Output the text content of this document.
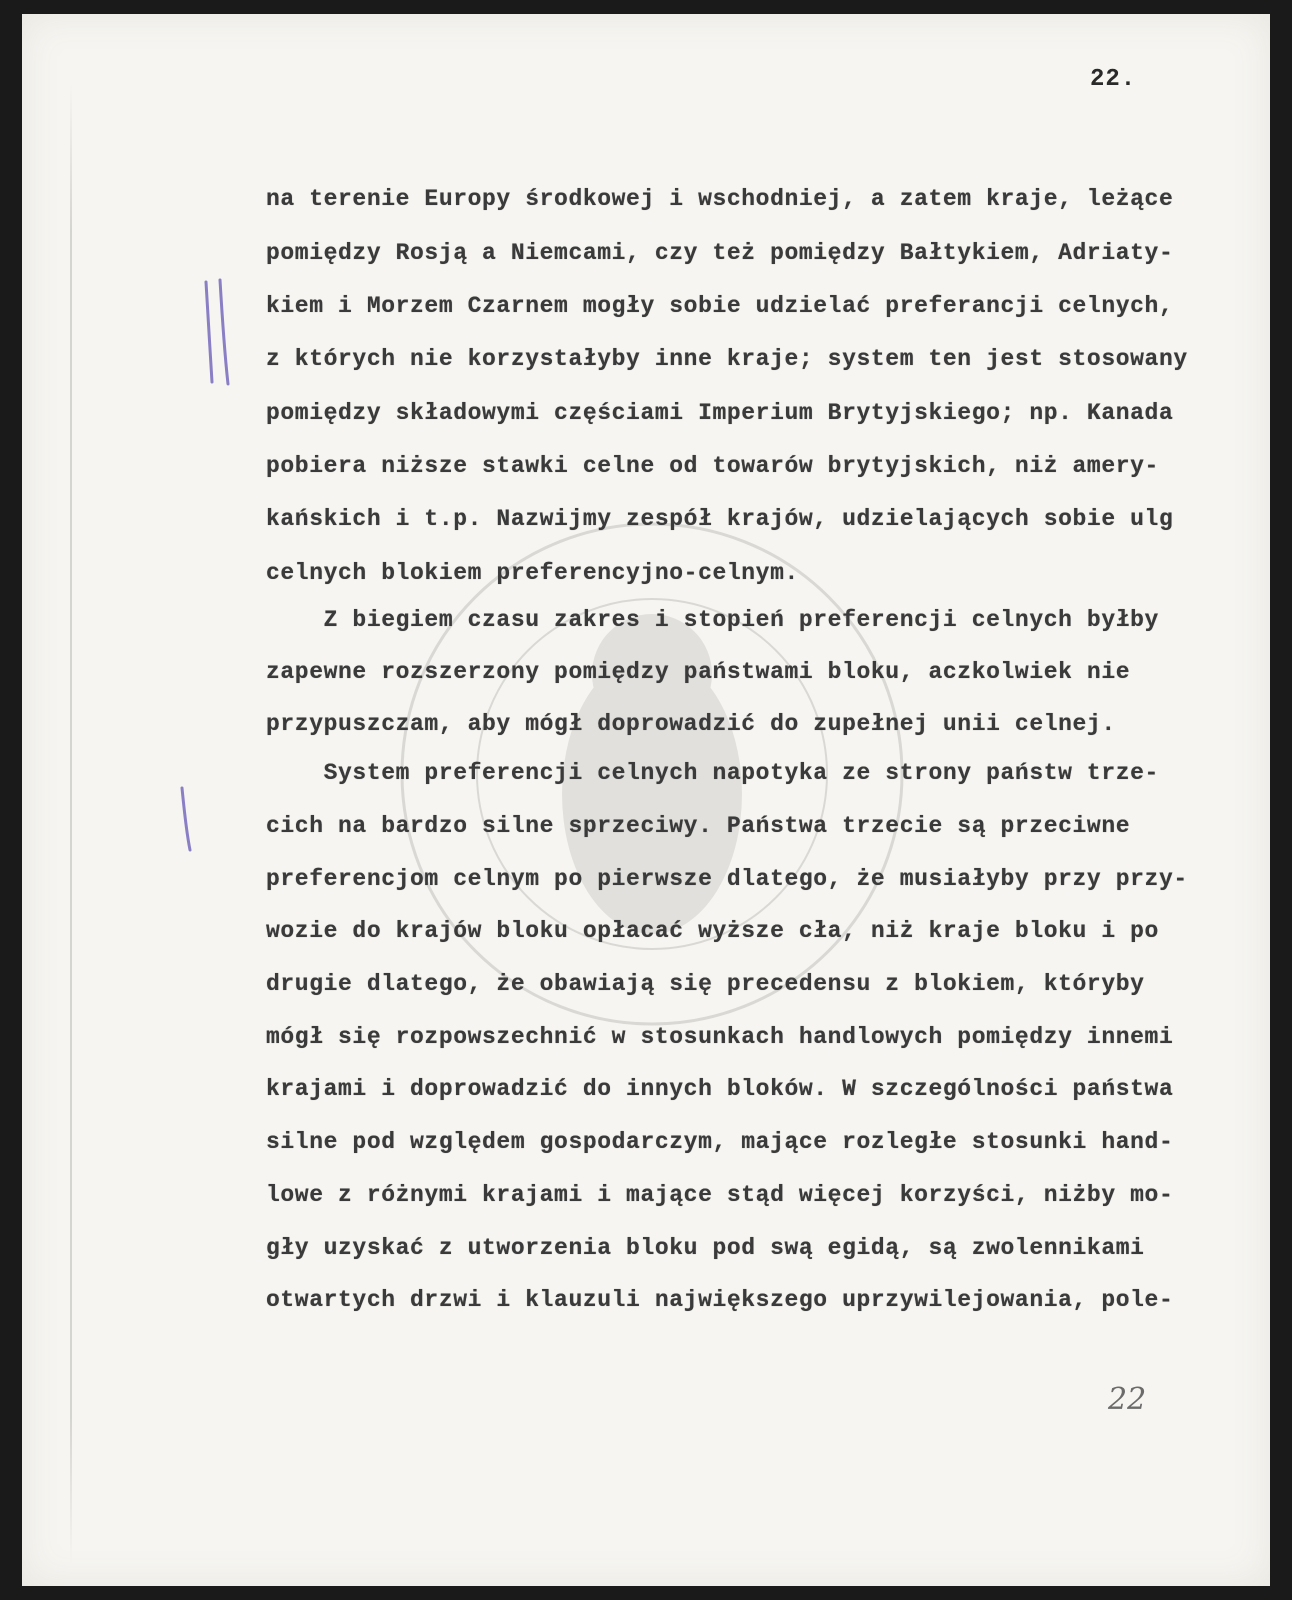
22.
na terenie Europy środkowej i wschodniej, a zatem kraje, leżące
pomiędzy Rosją a Niemcami, czy też pomiędzy Bałtykiem, Adriaty-
kiem i Morzem Czarnem mogły sobie udzielać preferancji celnych,
z których nie korzystałyby inne kraje; system ten jest stosowany
pomiędzy składowymi częściami Imperium Brytyjskiego; np. Kanada
pobiera niższe stawki celne od towarów brytyjskich, niż amery-
kańskich i t.p. Nazwijmy zespół krajów, udzielających sobie ulg
celnych blokiem preferencyjno-celnym.
Z biegiem czasu zakres i stopień preferencji celnych byłby
zapewne rozszerzony pomiędzy państwami bloku, aczkolwiek nie
przypuszczam, aby mógł doprowadzić do zupełnej unii celnej.
System preferencji celnych napotyka ze strony państw trze-
cich na bardzo silne sprzeciwy. Państwa trzecie są przeciwne
preferencjom celnym po pierwsze dlatego, że musiałyby przy przy-
wozie do krajów bloku opłacać wyższe cła, niż kraje bloku i po
drugie dlatego, że obawiają się precedensu z blokiem, któryby
mógł się rozpowszechnić w stosunkach handlowych pomiędzy innemi
krajami i doprowadzić do innych bloków. W szczególności państwa
silne pod względem gospodarczym, mające rozległe stosunki hand-
lowe z różnymi krajami i mające stąd więcej korzyści, niżby mo-
gły uzyskać z utworzenia bloku pod swą egidą, są zwolennikami
otwartych drzwi i klauzuli największego uprzywilejowania, pole-
22
